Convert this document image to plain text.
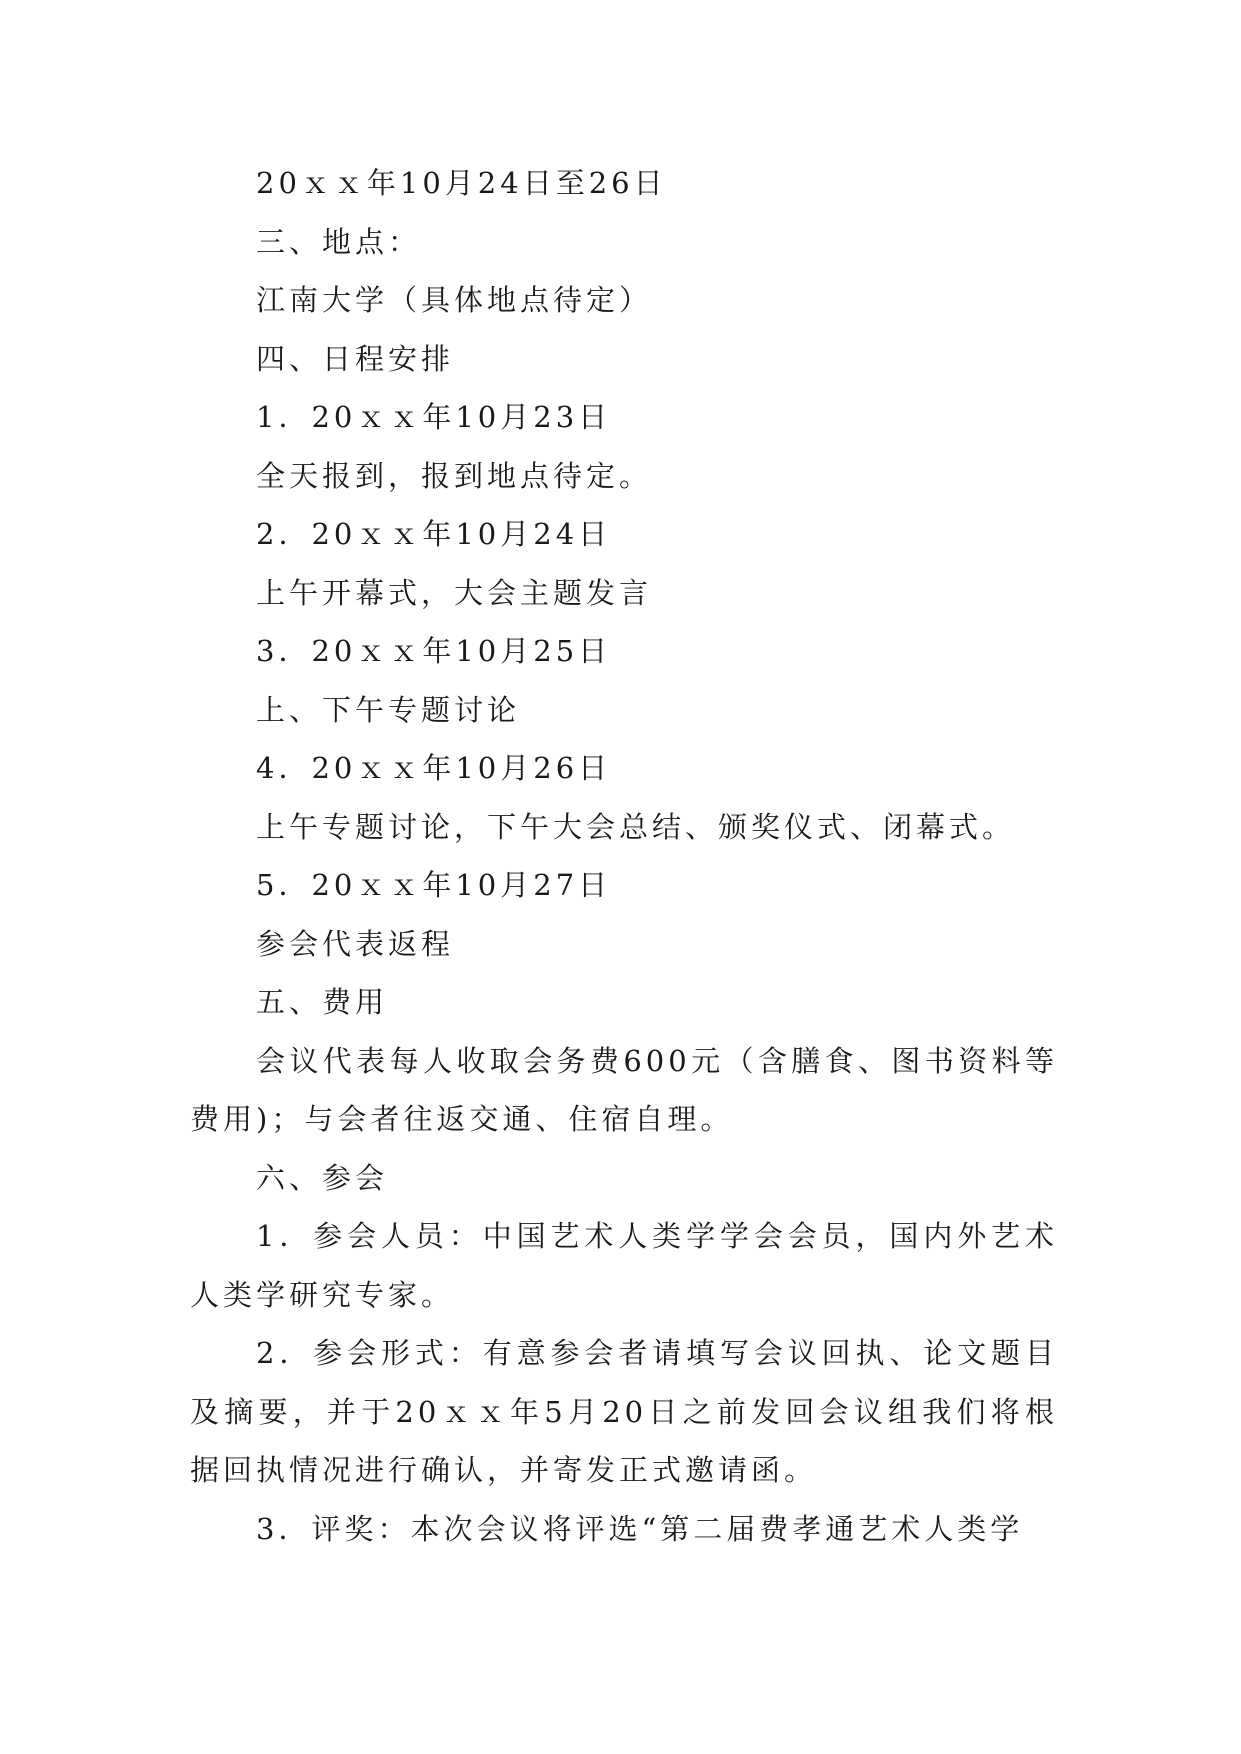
20ｘｘ年10月24日至26日

三、地点：

江南大学（具体地点待定）

四、日程安排

1．20ｘｘ年10月23日

全天报到，报到地点待定。

2．20ｘｘ年10月24日

上午开幕式，大会主题发言

3．20ｘｘ年10月25日

上、下午专题讨论

4．20ｘｘ年10月26日

上午专题讨论，下午大会总结、颁奖仪式、闭幕式。

5．20ｘｘ年10月27日

参会代表返程

五、费用

会议代表每人收取会务费600元（含膳食、图书资料等费用)；与会者往返交通、住宿自理。

六、参会

1．参会人员：中国艺术人类学学会会员，国内外艺术人类学研究专家。

2．参会形式：有意参会者请填写会议回执、论文题目及摘要，并于20ｘｘ年5月20日之前发回会议组我们将根据回执情况进行确认，并寄发正式邀请函。

3．评奖：本次会议将评选“第二届费孝通艺术人类学
